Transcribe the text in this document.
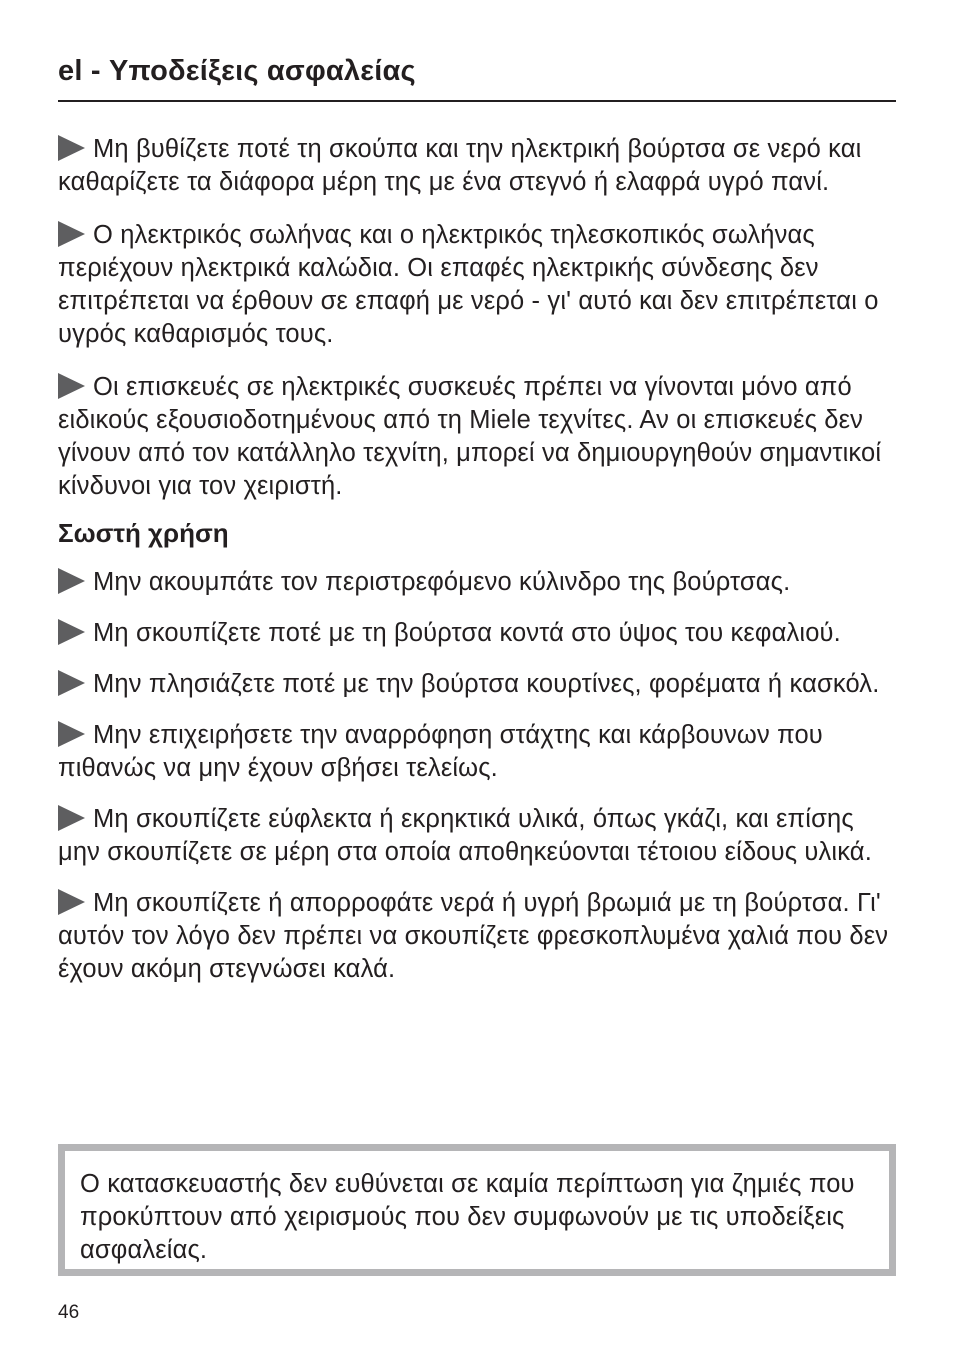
el - Υποδείξεις ασφαλείας

Μη βυθίζετε ποτέ τη σκούπα και την ηλεκτρική βούρτσα σε νερό και καθαρίζετε τα διάφορα μέρη της με ένα στεγνό ή ελαφρά υγρό πανί.

Ο ηλεκτρικός σωλήνας και ο ηλεκτρικός τηλεσκοπικός σωλήνας περιέχουν ηλεκτρικά καλώδια. Οι επαφές ηλεκτρικής σύνδεσης δεν επιτρέπεται να έρθουν σε επαφή με νερό - γι' αυτό και δεν επιτρέπεται ο υγρός καθαρισμός τους.

Οι επισκευές σε ηλεκτρικές συσκευές πρέπει να γίνονται μόνο από ειδικούς εξουσιοδοτημένους από τη Miele τεχνίτες. Αν οι επισκευές δεν γίνουν από τον κατάλληλο τεχνίτη, μπορεί να δημιουργηθούν σημαντικοί κίνδυνοι για τον χειριστή.

Σωστή χρήση

Μην ακουμπάτε τον περιστρεφόμενο κύλινδρο της βούρτσας.

Μη σκουπίζετε ποτέ με τη βούρτσα κοντά στο ύψος του κεφαλιού.

Μην πλησιάζετε ποτέ με την βούρτσα κουρτίνες, φορέματα ή κασκόλ.

Μην επιχειρήσετε την αναρρόφηση στάχτης και κάρβουνων που πιθανώς να μην έχουν σβήσει τελείως.

Μη σκουπίζετε εύφλεκτα ή εκρηκτικά υλικά, όπως γκάζι, και επίσης μην σκουπίζετε σε μέρη στα οποία αποθηκεύονται τέτοιου είδους υλικά.

Μη σκουπίζετε ή απορροφάτε νερά ή υγρή βρωμιά με τη βούρτσα. Γι' αυτόν τον λόγο δεν πρέπει να σκουπίζετε φρεσκοπλυμένα χαλιά που δεν έχουν ακόμη στεγνώσει καλά.

Ο κατασκευαστής δεν ευθύνεται σε καμία περίπτωση για ζημιές που προκύπτουν από χειρισμούς που δεν συμφωνούν με τις υποδείξεις ασφαλείας.

46
